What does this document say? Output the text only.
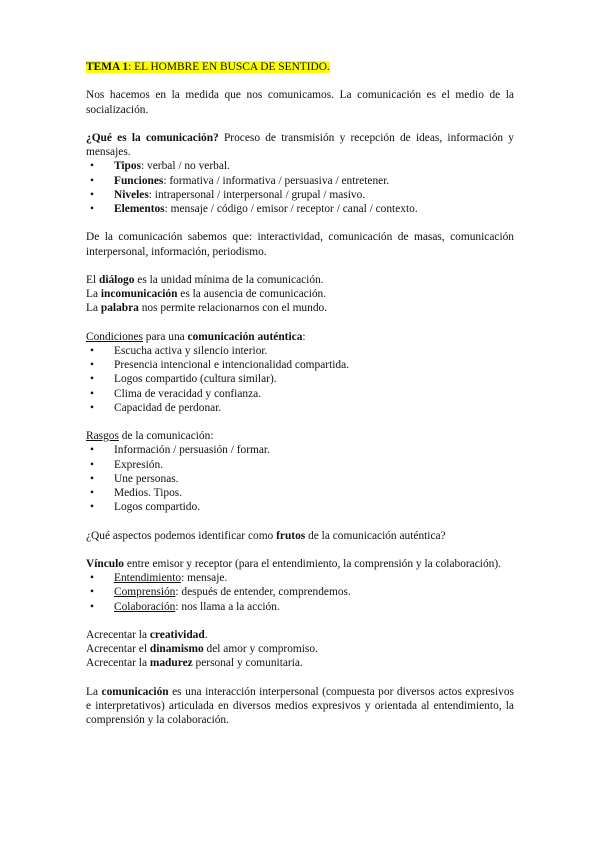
TEMA 1: EL HOMBRE EN BUSCA DE SENTIDO.

Nos hacemos en la medida que nos comunicamos. La comunicación es el medio de la socialización.

¿Qué es la comunicación? Proceso de transmisión y recepción de ideas, información y mensajes.

• Tipos: verbal / no verbal.
• Funciones: formativa / informativa / persuasiva / entretener.
• Niveles: intrapersonal / interpersonal / grupal / masivo.
• Elementos: mensaje / código / emisor / receptor / canal / contexto.

De la comunicación sabemos que: interactividad, comunicación de masas, comunicación interpersonal, información, periodismo.

El diálogo es la unidad mínima de la comunicación.

La incomunicación es la ausencia de comunicación.

La palabra nos permite relacionarnos con el mundo.

Condiciones para una comunicación auténtica:

• Escucha activa y silencio interior.
• Presencia intencional e intencionalidad compartida.
• Logos compartido (cultura similar).
• Clima de veracidad y confianza.
• Capacidad de perdonar.

Rasgos de la comunicación:

• Información / persuasión / formar.
• Expresión.
• Une personas.
• Medios. Tipos.
• Logos compartido.

¿Qué aspectos podemos identificar como frutos de la comunicación auténtica?

Vínculo entre emisor y receptor (para el entendimiento, la comprensión y la colaboración).

• Entendimiento: mensaje.
• Comprensión: después de entender, comprendemos.
• Colaboración: nos llama a la acción.

Acrecentar la creatividad.

Acrecentar el dinamismo del amor y compromiso.

Acrecentar la madurez personal y comunitaria.

La comunicación es una interacción interpersonal (compuesta por diversos actos expresivos e interpretativos) articulada en diversos medios expresivos y orientada al entendimiento, la comprensión y la colaboración.
